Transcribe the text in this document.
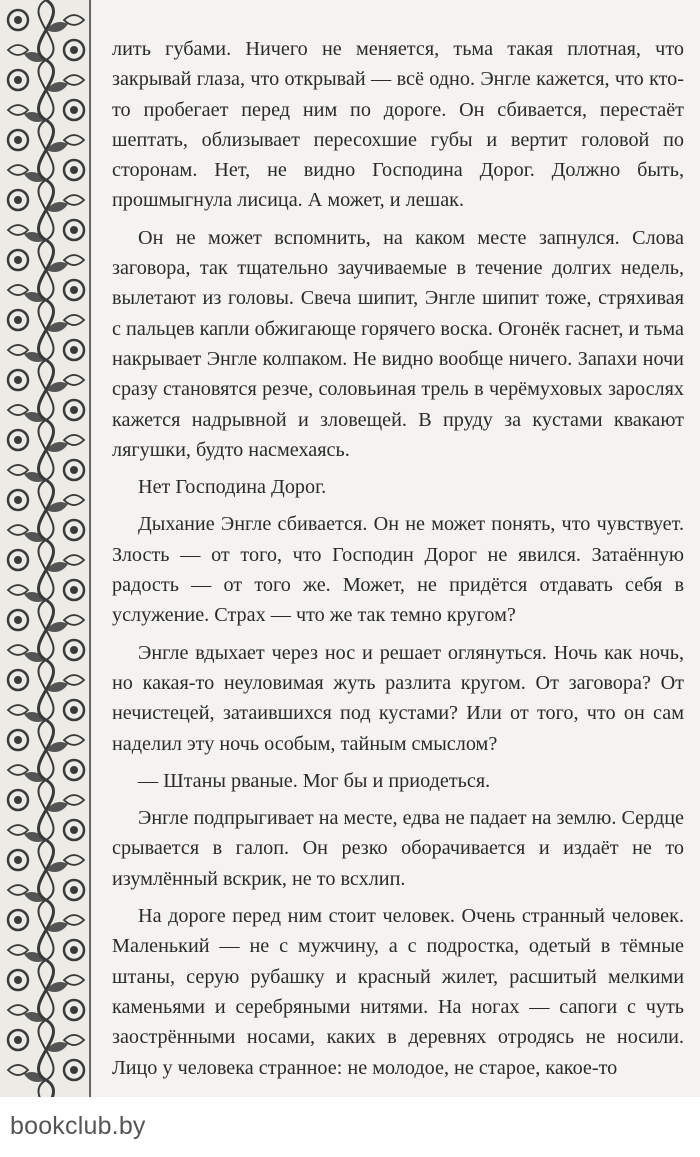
лить губами. Ничего не меняется, тьма такая плотная, что закрывай глаза, что открывай — всё одно. Энгле кажется, что кто-то пробегает перед ним по дороге. Он сбивается, перестаёт шептать, облизывает пересохшие губы и вертит головой по сторонам. Нет, не видно Господина Дорог. Должно быть, прошмыгнула лисица. А может, и лешак.

Он не может вспомнить, на каком месте запнулся. Слова заговора, так тщательно заучиваемые в течение долгих недель, вылетают из головы. Свеча шипит, Энгле шипит тоже, стряхивая с пальцев капли обжигающе горячего воска. Огонёк гаснет, и тьма накрывает Энгле колпаком. Не видно вообще ничего. Запахи ночи сразу становятся резче, соловьиная трель в черёмуховых зарослях кажется надрывной и зловещей. В пруду за кустами квакают лягушки, будто насмехаясь.

Нет Господина Дорог.

Дыхание Энгле сбивается. Он не может понять, что чувствует. Злость — от того, что Господин Дорог не явился. Затаённую радость — от того же. Может, не придётся отдавать себя в услужение. Страх — что же так темно кругом?

Энгле вдыхает через нос и решает оглянуться. Ночь как ночь, но какая-то неуловимая жуть разлита кругом. От заговора? От нечистецей, затаившихся под кустами? Или от того, что он сам наделил эту ночь особым, тайным смыслом?

— Штаны рваные. Мог бы и приодеться.

Энгле подпрыгивает на месте, едва не падает на землю. Сердце срывается в галоп. Он резко оборачивается и издаёт не то изумлённый вскрик, не то всхлип.

На дороге перед ним стоит человек. Очень странный человек. Маленький — не с мужчину, а с подростка, одетый в тёмные штаны, серую рубашку и красный жилет, расшитый мелкими каменьями и серебряными нитями. На ногах — сапоги с чуть заострёнными носами, каких в деревнях отродясь не носили. Лицо у человека странное: не молодое, не старое, какое-то

bookclub.by
